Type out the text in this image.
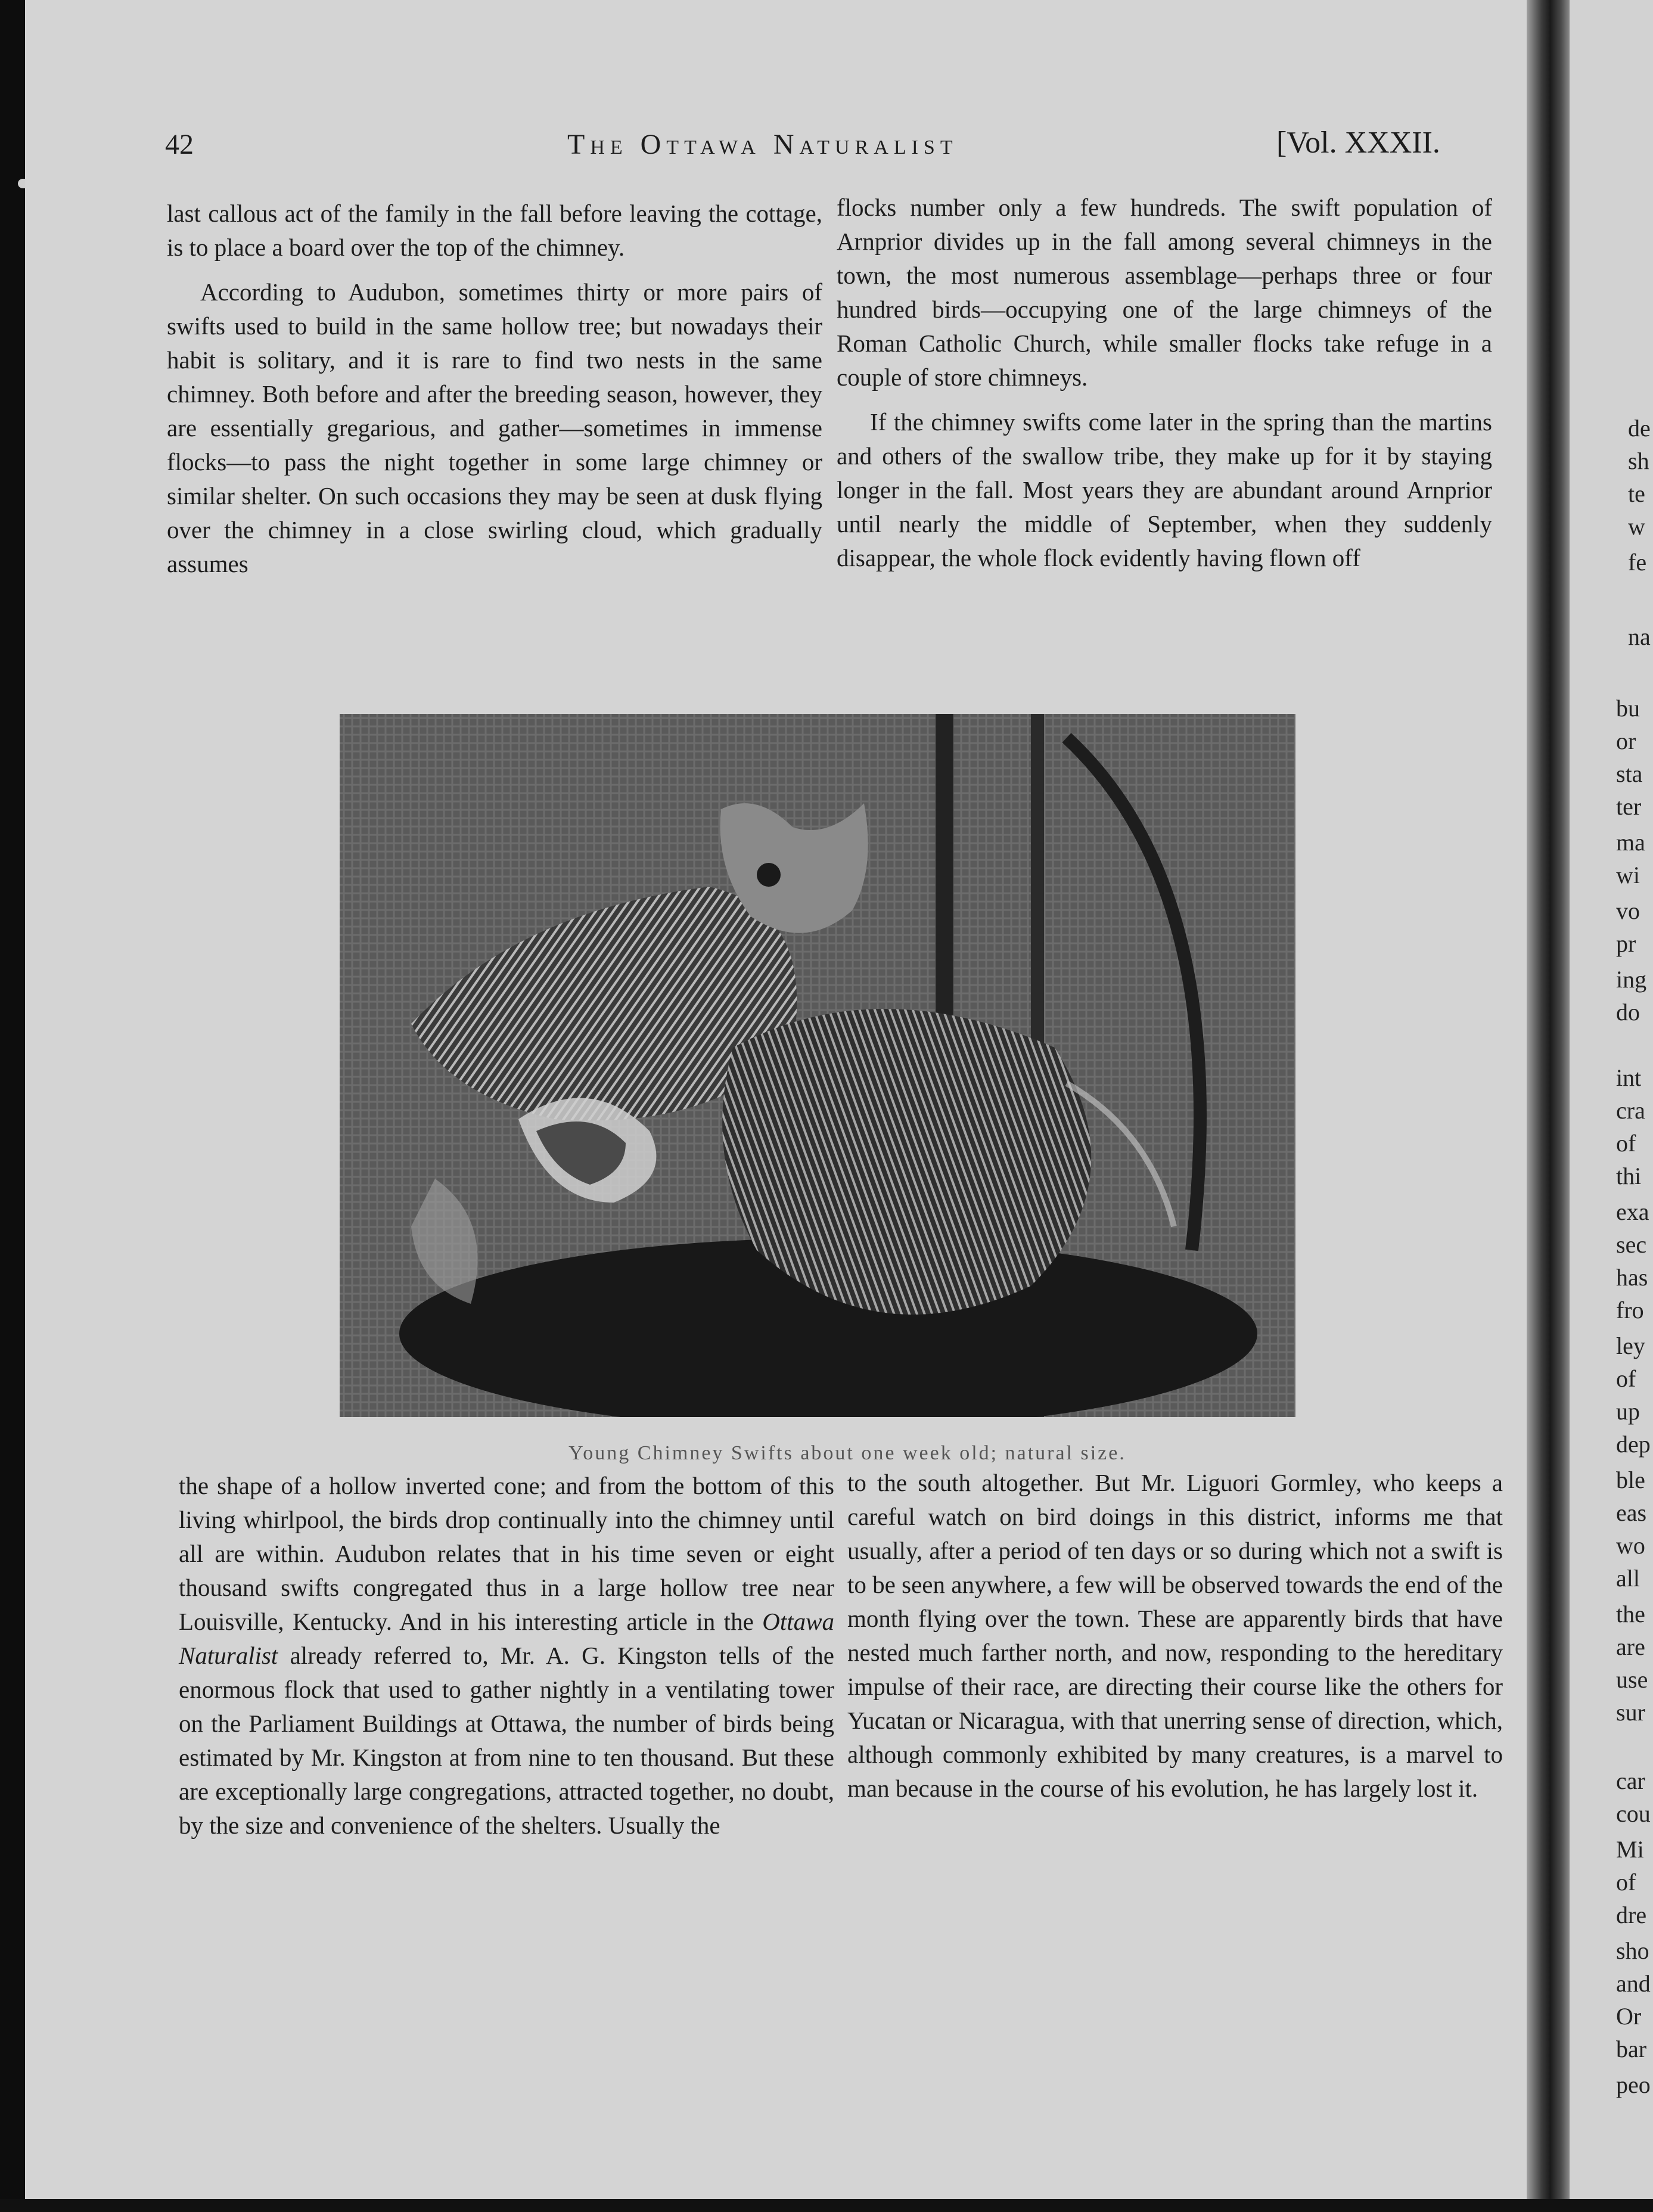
42	The Ottawa Naturalist	[Vol. XXXII.

last callous act of the family in the fall before leaving the cottage, is to place a board over the top of the chimney.

According to Audubon, sometimes thirty or more pairs of swifts used to build in the same hollow tree; but nowadays their habit is solitary, and it is rare to find two nests in the same chimney. Both before and after the breeding season, however, they are essentially gregarious, and gather—sometimes in immense flocks—to pass the night together in some large chimney or similar shelter. On such occasions they may be seen at dusk flying over the chimney in a close swirling cloud, which gradually assumes

flocks number only a few hundreds. The swift population of Arnprior divides up in the fall among several chimneys in the town, the most numerous assemblage—perhaps three or four hundred birds—occupying one of the large chimneys of the Roman Catholic Church, while smaller flocks take refuge in a couple of store chimneys.

If the chimney swifts come later in the spring than the martins and others of the swallow tribe, they make up for it by staying longer in the fall. Most years they are abundant around Arnprior until nearly the middle of September, when they suddenly disappear, the whole flock evidently having flown off

Young Chimney Swifts about one week old; natural size.

the shape of a hollow inverted cone; and from the bottom of this living whirlpool, the birds drop continually into the chimney until all are within. Audubon relates that in his time seven or eight thousand swifts congregated thus in a large hollow tree near Louisville, Kentucky. And in his interesting article in the Ottawa Naturalist already referred to, Mr. A. G. Kingston tells of the enormous flock that used to gather nightly in a ventilating tower on the Parliament Buildings at Ottawa, the number of birds being estimated by Mr. Kingston at from nine to ten thousand. But these are exceptionally large congregations, attracted together, no doubt, by the size and convenience of the shelters. Usually the

to the south altogether. But Mr. Liguori Gormley, who keeps a careful watch on bird doings in this district, informs me that usually, after a period of ten days or so during which not a swift is to be seen anywhere, a few will be observed towards the end of the month flying over the town. These are apparently birds that have nested much farther north, and now, responding to the hereditary impulse of their race, are directing their course like the others for Yucatan or Nicaragua, with that unerring sense of direction, which, although commonly exhibited by many creatures, is a marvel to man because in the course of his evolution, he has largely lost it.

de
sh
te
w
fe
na
bu
or
sta
ter
ma
wi
vo
pr
ing
do
int
cra
of
thi
exa
sec
has
fro
ley
of
up
dep
ble
eas
wo
all
the
are
use
sur
car
cou
Mi
of
dre
sho
and
Or
bar
peo
